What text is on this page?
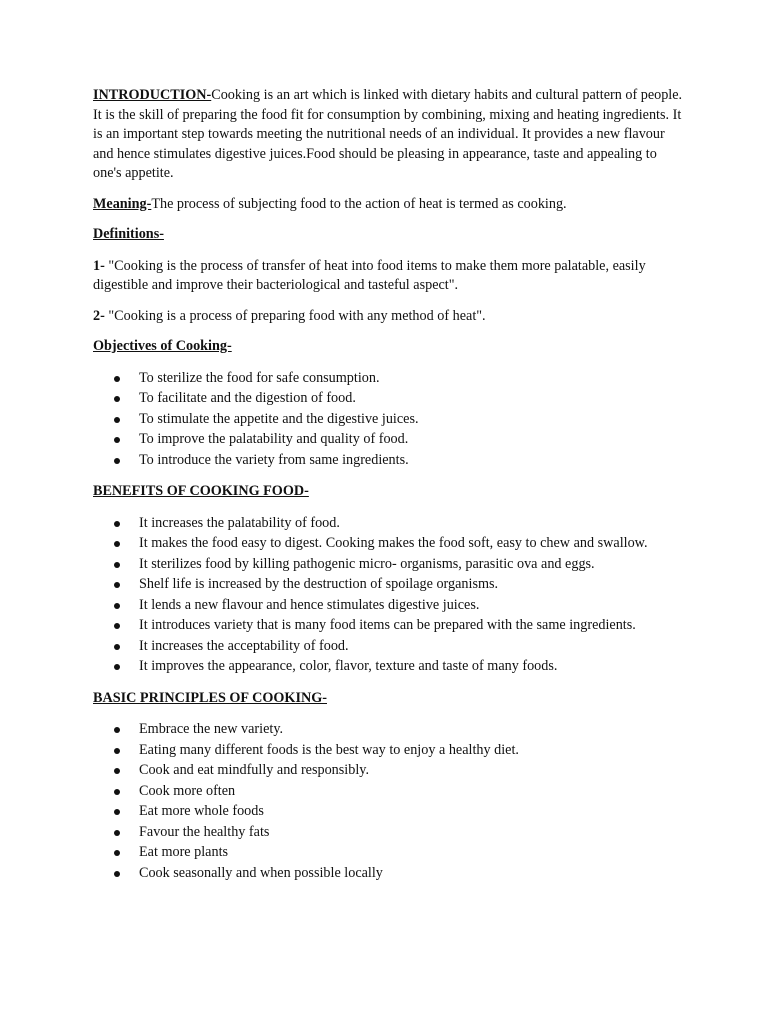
INTRODUCTION-Cooking is an art which is linked with dietary habits and cultural pattern of people. It is the skill of preparing the food fit for consumption by combining, mixing and heating ingredients. It is an important step towards meeting the nutritional needs of an individual. It provides a new flavour and hence stimulates digestive juices.Food should be pleasing in appearance, taste and appealing to one's appetite.

Meaning-The process of subjecting food to the action of heat is termed as cooking.

Definitions-

1- "Cooking is the process of transfer of heat into food items to make them more palatable, easily digestible and improve their bacteriological and tasteful aspect".

2- "Cooking is a process of preparing food with any method of heat".

Objectives of Cooking-

To sterilize the food for safe consumption.
To facilitate and the digestion of food.
To stimulate the appetite and the digestive juices.
To improve the palatability and quality of food.
To introduce the variety from same ingredients.

BENEFITS OF COOKING FOOD-

It increases the palatability of food.
It makes the food easy to digest. Cooking makes the food soft, easy to chew and swallow.
It sterilizes food by killing pathogenic micro- organisms, parasitic ova and eggs.
Shelf life is increased by the destruction of spoilage organisms.
It lends a new flavour and hence stimulates digestive juices.
It introduces variety that is many food items can be prepared with the same ingredients.
It increases the acceptability of food.
It improves the appearance, color, flavor, texture and taste of many foods.

BASIC PRINCIPLES OF COOKING-

Embrace the new variety.
Eating many different foods is the best way to enjoy a healthy diet.
Cook and eat mindfully and responsibly.
Cook more often
Eat more whole foods
Favour the healthy fats
Eat more plants
Cook seasonally and when possible locally
